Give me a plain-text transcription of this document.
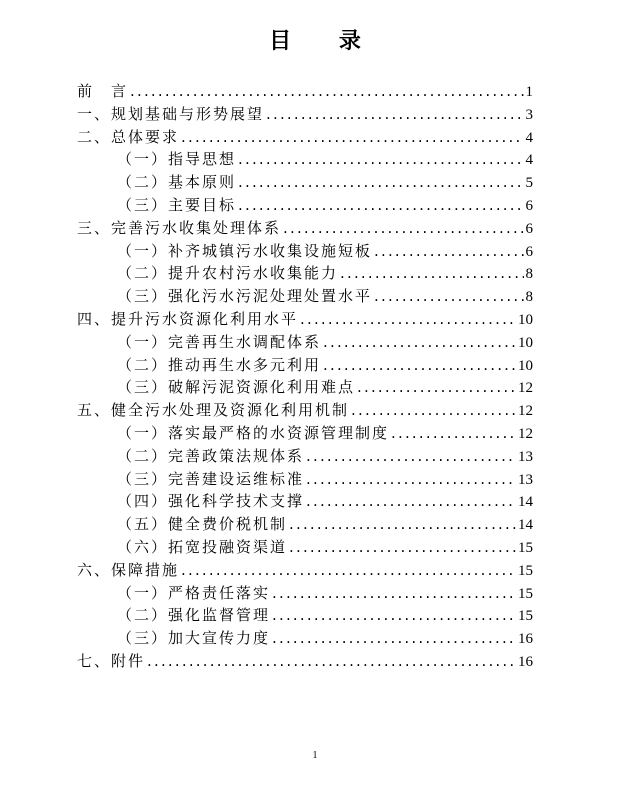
目 录
前　言 .....	1
一、规划基础与形势展望 .....	3
二、总体要求 .....	4
（一）指导思想 .....	4
（二）基本原则 .....	5
（三）主要目标 .....	6
三、完善污水收集处理体系 .....	6
（一）补齐城镇污水收集设施短板 .....	6
（二）提升农村污水收集能力 .....	8
（三）强化污水污泥处理处置水平 .....	8
四、提升污水资源化利用水平 .....	10
（一）完善再生水调配体系 .....	10
（二）推动再生水多元利用 .....	10
（三）破解污泥资源化利用难点 .....	12
五、健全污水处理及资源化利用机制 .....	12
（一）落实最严格的水资源管理制度 .....	12
（二）完善政策法规体系 .....	13
（三）完善建设运维标准 .....	13
（四）强化科学技术支撑 .....	14
（五）健全费价税机制 .....	14
（六）拓宽投融资渠道 .....	15
六、保障措施 .....	15
（一）严格责任落实 .....	15
（二）强化监督管理 .....	15
（三）加大宣传力度 .....	16
七、附件 .....	16
1
